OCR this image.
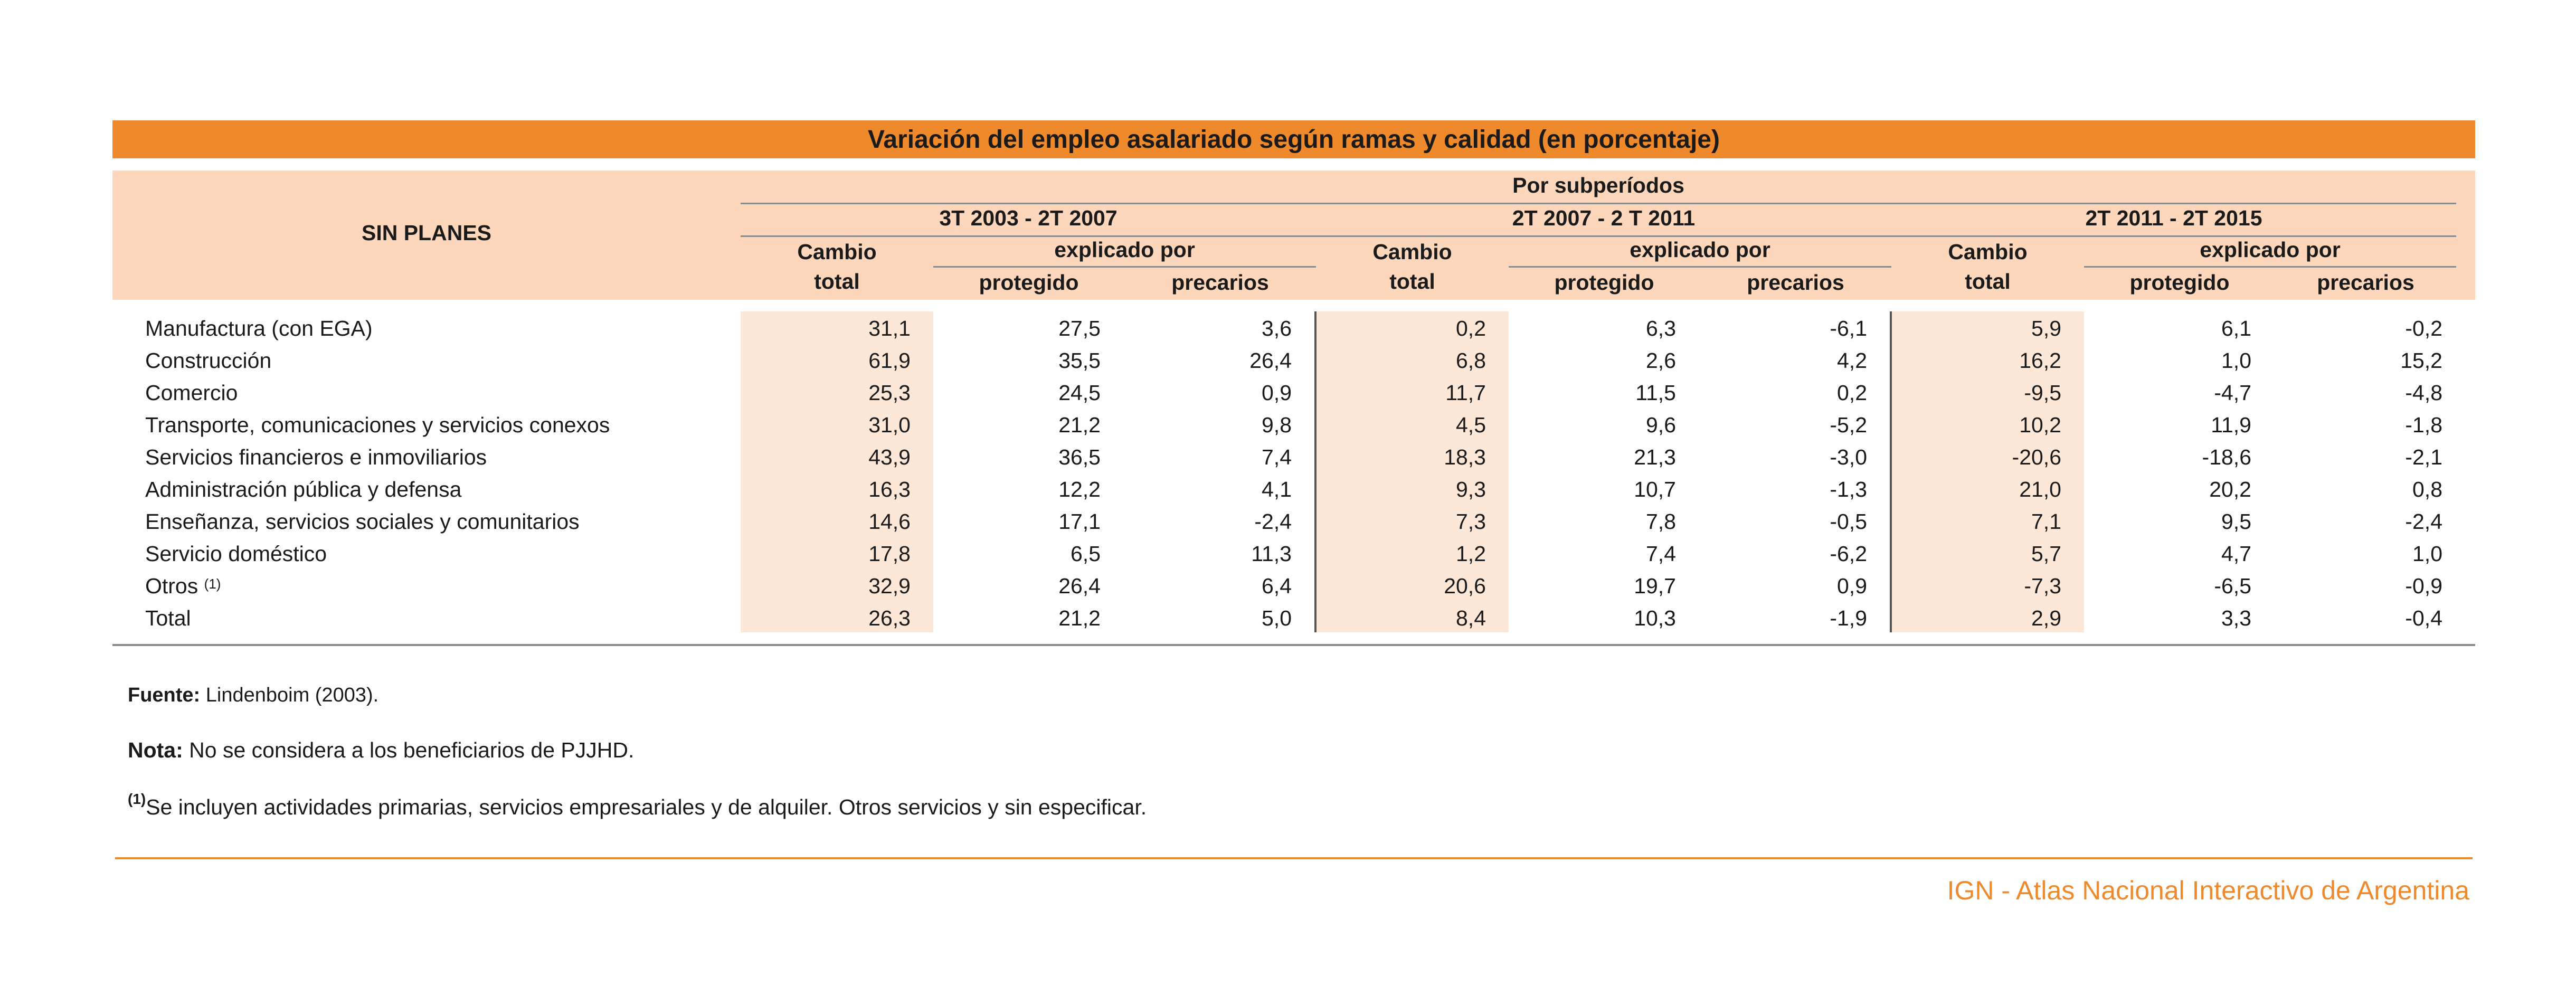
Variación del empleo asalariado según ramas y calidad (en porcentaje)
SIN PLANES
Por subperíodos
3T 2003 - 2T 2007	2T 2007 - 2 T 2011	2T 2011 - 2T 2015
Cambio
total
explicado por
protegido	precarios
Cambio
total
explicado por
protegido	precarios
Cambio
total
explicado por
protegido	precarios
Manufactura (con EGA)	31,1	27,5	3,6	0,2	6,3	-6,1	5,9	6,1	-0,2
Construcción	61,9	35,5	26,4	6,8	2,6	4,2	16,2	1,0	15,2
Comercio	25,3	24,5	0,9	11,7	11,5	0,2	-9,5	-4,7	-4,8
Transporte, comunicaciones y servicios conexos	31,0	21,2	9,8	4,5	9,6	-5,2	10,2	11,9	-1,8
Servicios financieros e inmoviliarios	43,9	36,5	7,4	18,3	21,3	-3,0	-20,6	-18,6	-2,1
Administración pública y defensa	16,3	12,2	4,1	9,3	10,7	-1,3	21,0	20,2	0,8
Enseñanza, servicios sociales y comunitarios	14,6	17,1	-2,4	7,3	7,8	-0,5	7,1	9,5	-2,4
Servicio doméstico	17,8	6,5	11,3	1,2	7,4	-6,2	5,7	4,7	1,0
Otros $^{(1)}$	32,9	26,4	6,4	20,6	19,7	0,9	-7,3	-6,5	-0,9
Total	26,3	21,2	5,0	8,4	10,3	-1,9	2,9	3,3	-0,4
Fuente: Lindenboim (2003).
Nota: No se considera a los beneficiarios de PJJHD.
$^{(1)}$Se incluyen actividades primarias, servicios empresariales y de alquiler. Otros servicios y sin especificar.
IGN - Atlas Nacional Interactivo de Argentina
